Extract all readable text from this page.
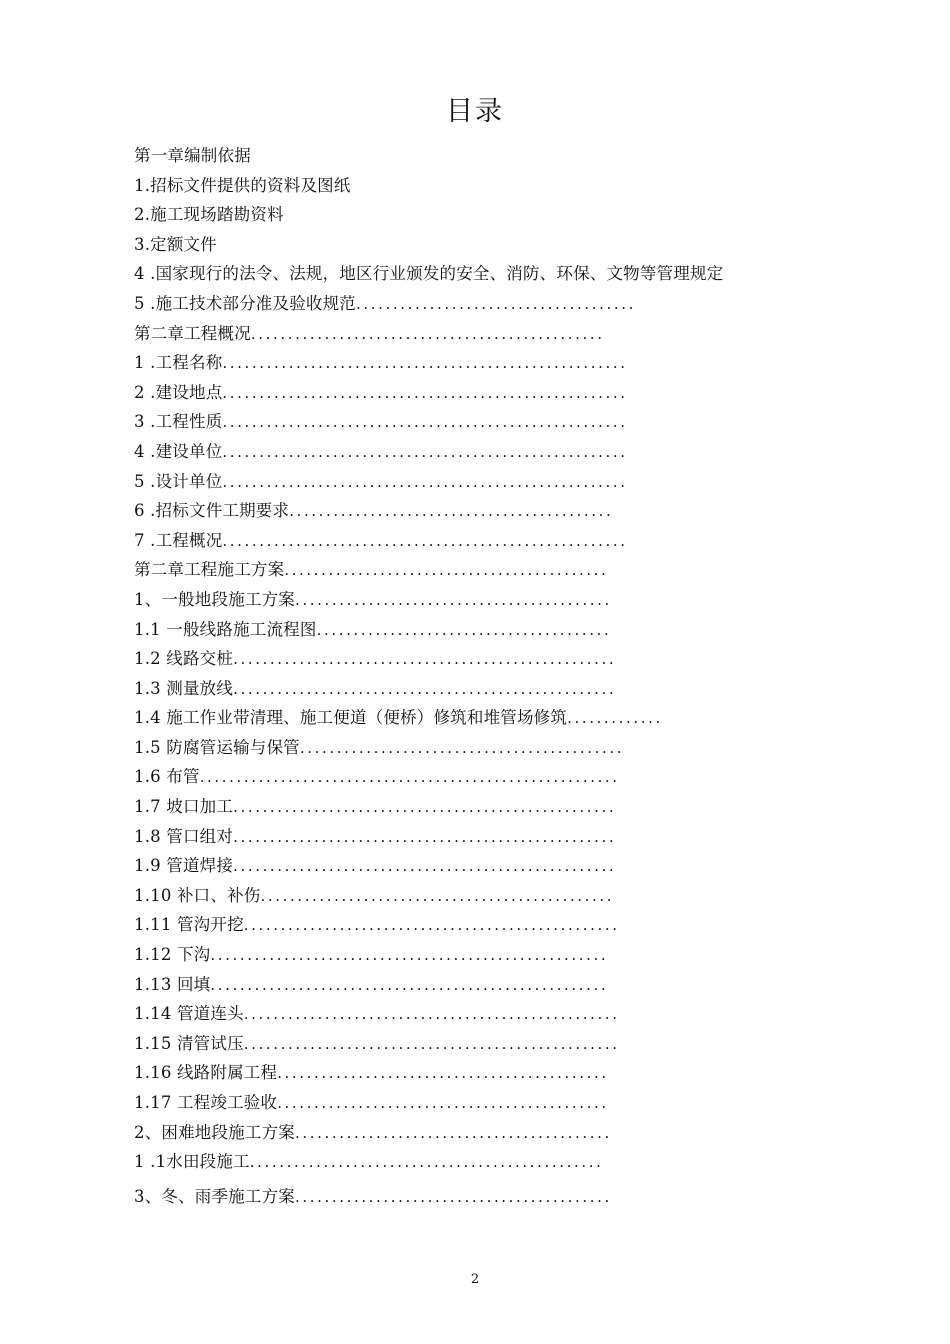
目录
第一章编制依据
1.招标文件提供的资料及图纸
2.施工现场踏勘资料
3.定额文件
4 .国家现行的法令、法规，地区行业颁发的安全、消防、环保、文物等管理规定
5 .施工技术部分准及验收规范......................................
第二章工程概况................................................
1 .工程名称.......................................................
2 .建设地点.......................................................
3 .工程性质.......................................................
4 .建设单位.......................................................
5 .设计单位.......................................................
6 .招标文件工期要求............................................
7 .工程概况.......................................................
第二章工程施工方案............................................
1、一般地段施工方案...........................................
1.1 一般线路施工流程图........................................
1.2 线路交桩....................................................
1.3 测量放线....................................................
1.4 施工作业带清理、施工便道（便桥）修筑和堆管场修筑.............
1.5 防腐管运输与保管............................................
1.6 布管.........................................................
1.7 坡口加工....................................................
1.8 管口组对....................................................
1.9 管道焊接....................................................
1.10 补口、补伤................................................
1.11 管沟开挖...................................................
1.12 下沟......................................................
1.13 回填......................................................
1.14 管道连头...................................................
1.15 清管试压...................................................
1.16 线路附属工程.............................................
1.17 工程竣工验收.............................................
2、困难地段施工方案...........................................
1 .1水田段施工................................................
3、冬、雨季施工方案...........................................
2
